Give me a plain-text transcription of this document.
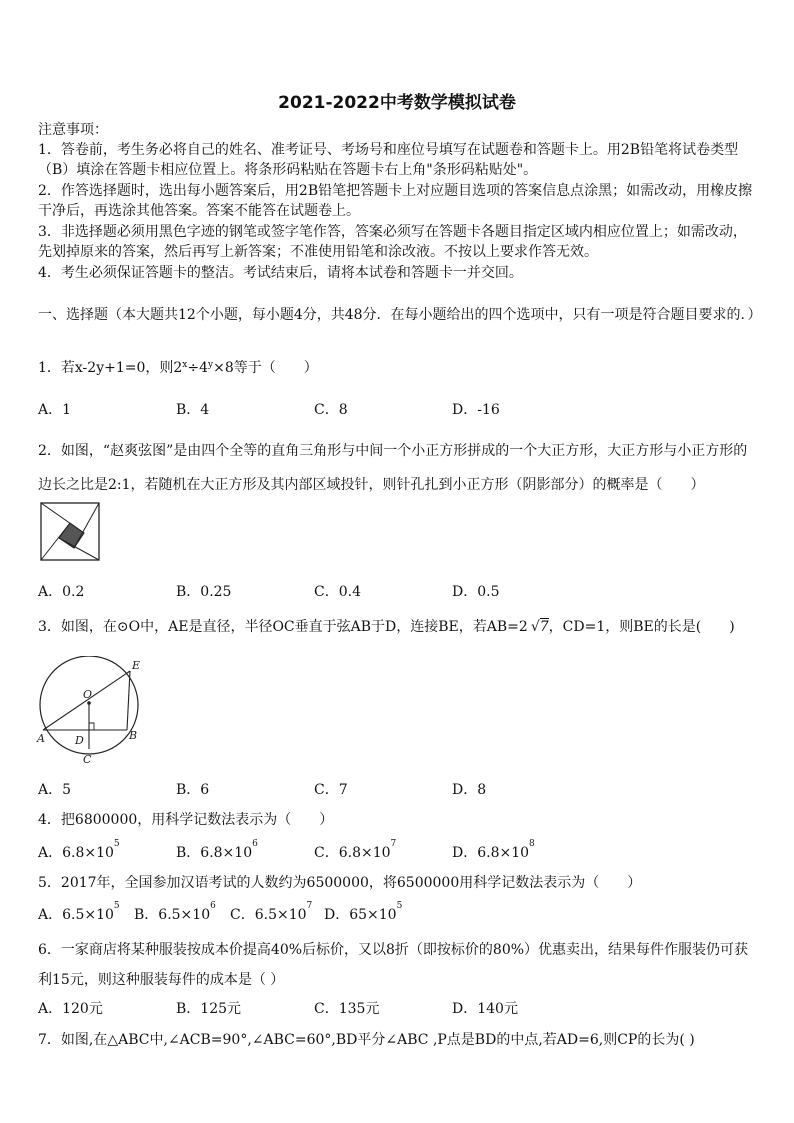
2021-2022中考数学模拟试卷
注意事项：
1．答卷前，考生务必将自己的姓名、准考证号、考场号和座位号填写在试题卷和答题卡上。用2B铅笔将试卷类型（B）填涂在答题卡相应位置上。将条形码粘贴在答题卡右上角"条形码粘贴处"。
2．作答选择题时，选出每小题答案后，用2B铅笔把答题卡上对应题目选项的答案信息点涂黑；如需改动，用橡皮擦干净后，再选涂其他答案。答案不能答在试题卷上。
3．非选择题必须用黑色字迹的钢笔或签字笔作答，答案必须写在答题卡各题目指定区域内相应位置上；如需改动，先划掉原来的答案，然后再写上新答案；不准使用铅笔和涂改液。不按以上要求作答无效。
4．考生必须保证答题卡的整洁。考试结束后，请将本试卷和答题卡一并交回。
一、选择题（本大题共12个小题，每小题4分，共48分．在每小题给出的四个选项中，只有一项是符合题目要求的．）
1．若x-2y+1=0，则$2^x\div 4^y\times 8$等于（　　）
A．1	B．4	C．8	D．-16
2．如图，“赵爽弦图”是由四个全等的直角三角形与中间一个小正方形拼成的一个大正方形，大正方形与小正方形的边长之比是2:1，若随机在大正方形及其内部区域投针，则针孔扎到小正方形（阴影部分）的概率是（　　）
A．0.2	B．0.25	C．0.4	D．0.5
3．如图，在⊙O中，AE是直径，半径OC垂直于弦AB于D，连接BE，若AB=2 √7，CD=1，则BE的长是(　　)
E
O
A	D	B
C
A．5	B．6	C．7	D．8
4．把6800000，用科学记数法表示为（　　）
A．$6.8\times 10^5$
B．$6.8\times 10^6$
C．$6.8\times 10^7$
D．$6.8\times 10^8$
5．2017年，全国参加汉语考试的人数约为6500000，将6500000用科学记数法表示为（　　）
A．$6.5\times 10^5$
B．$6.5\times 10^6$
C．$6.5\times 10^7$
D．$65\times 10^5$
6．一家商店将某种服装按成本价提高40%后标价，又以8折（即按标价的80%）优惠卖出，结果每件作服装仍可获利15元，则这种服装每件的成本是（ ）
A．120元	B．125元	C．135元	D．140元
7．如图,在△ABC中,∠ACB=90°,∠ABC=60°,BD平分∠ABC ,P点是BD的中点,若AD=6,则CP的长为( )
